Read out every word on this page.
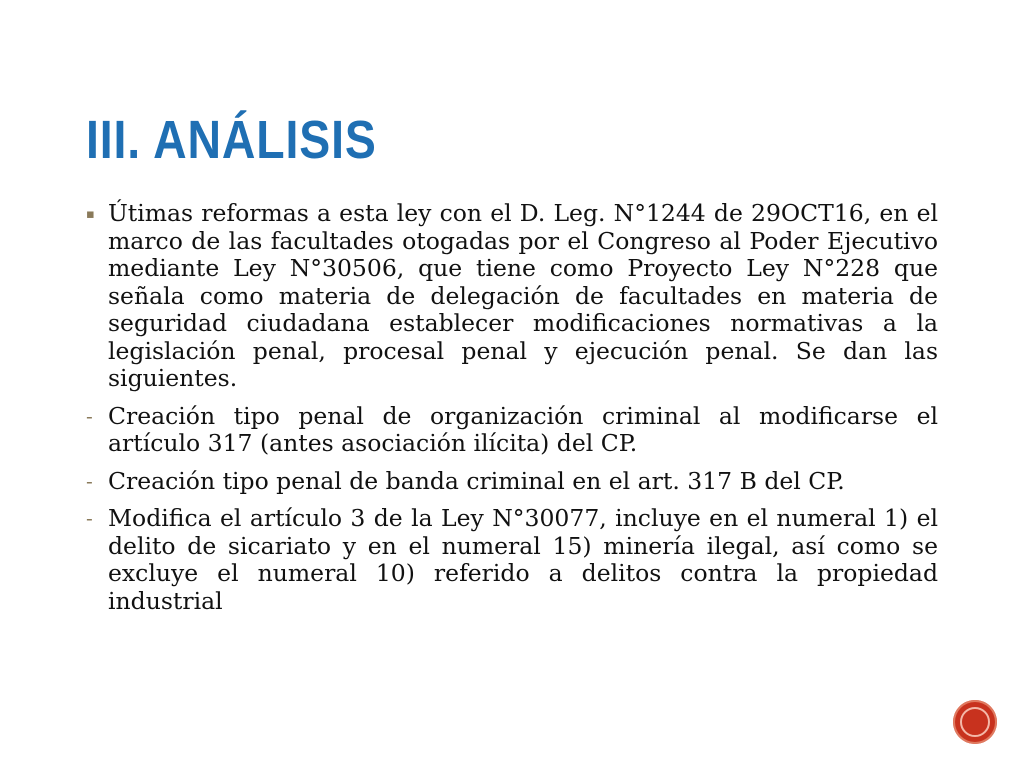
III. ANÁLISIS
▪ Útimas reformas a esta ley con el D. Leg. N°1244 de 29OCT16, en el marco de las facultades otogadas por el Congreso al Poder Ejecutivo mediante Ley N°30506, que tiene como Proyecto Ley N°228 que señala como materia de delegación de facultades en materia de seguridad ciudadana establecer modificaciones normativas a la legislación penal, procesal penal y ejecución penal. Se dan las siguientes.
- Creación tipo penal de organización criminal al modificarse el artículo 317 (antes asociación ilícita) del CP.
- Creación tipo penal de banda criminal en el art. 317 B del CP.
- Modifica el artículo 3 de la Ley N°30077, incluye en el numeral 1) el delito de sicariato y en el numeral 15) minería ilegal, así como se excluye el numeral 10) referido a delitos contra la propiedad industrial
